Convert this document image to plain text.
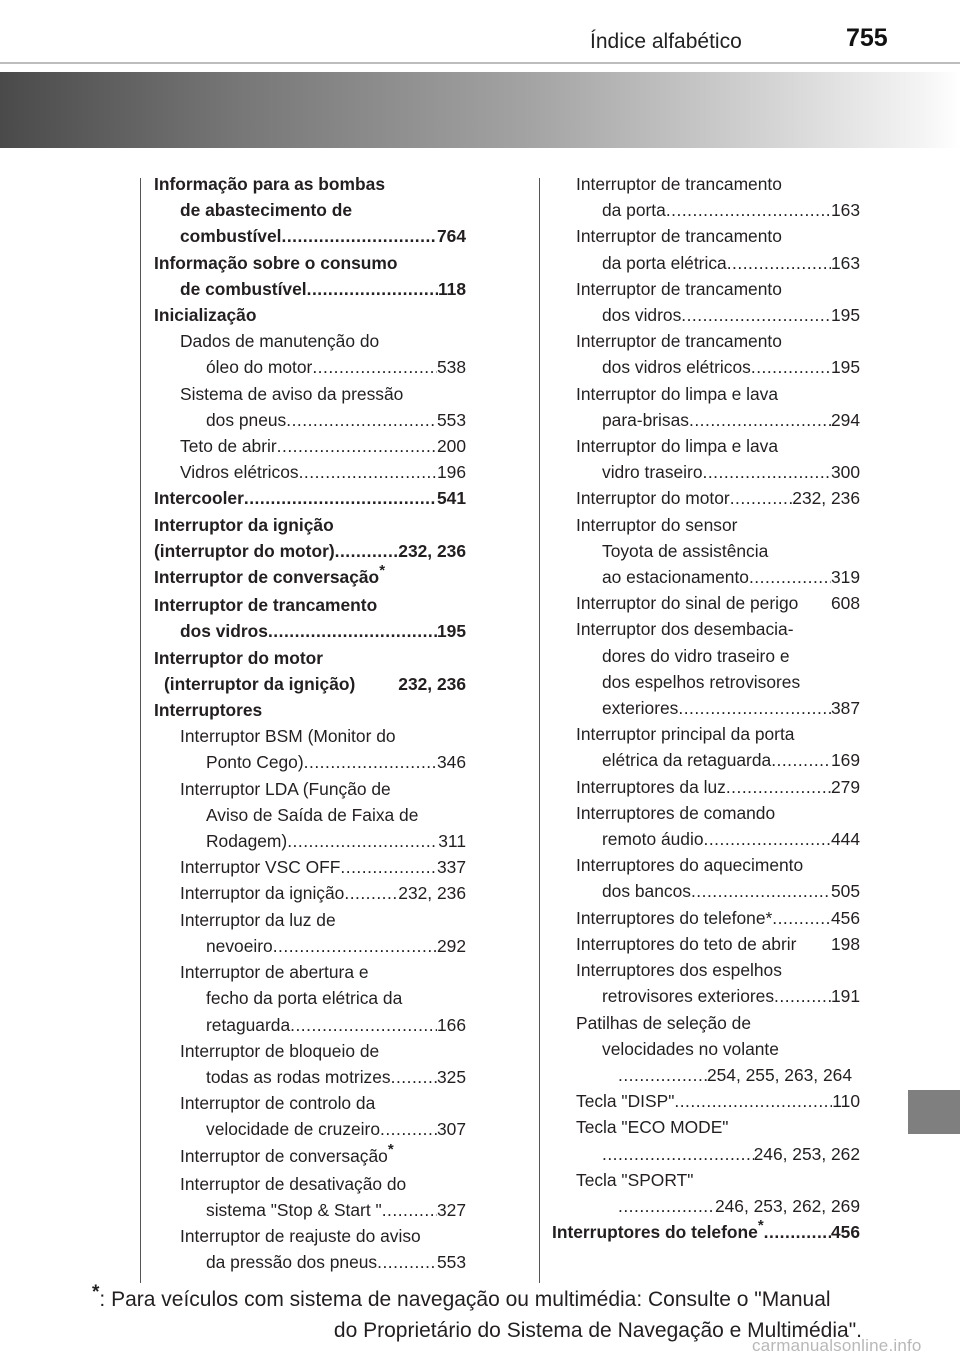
Índice alfabético	755
Informação para as bombas
de abastecimento de
combustível .....	764
Informação sobre o consumo
de combustível .....	118
Inicialização
Dados de manutenção do
óleo do motor .....	538
Sistema de aviso da pressão
dos pneus .....	553
Teto de abrir .....	200
Vidros elétricos .....	196
Intercooler .....	541
Interruptor da ignição
(interruptor do motor) .....	232, 236
Interruptor de conversação*
Interruptor de trancamento
dos vidros .....	195
Interruptor do motor
(interruptor da ignição) 232, 236
Interruptores
Interruptor BSM (Monitor do
Ponto Cego) .....	346
Interruptor LDA (Função de
Aviso de Saída de Faixa de
Rodagem) .....	311
Interruptor VSC OFF .....	337
Interruptor da ignição .....	232, 236
Interruptor da luz de
nevoeiro .....	292
Interruptor de abertura e
fecho da porta elétrica da
retaguarda .....	166
Interruptor de bloqueio de
todas as rodas motrizes .....	325
Interruptor de controlo da
velocidade de cruzeiro .....	307
Interruptor de conversação*
Interruptor de desativação do
sistema "Stop & Start " .....	327
Interruptor de reajuste do aviso
da pressão dos pneus .....	553
Interruptor de trancamento
da porta .....	163
Interruptor de trancamento
da porta elétrica .....	163
Interruptor de trancamento
dos vidros .....	195
Interruptor de trancamento
dos vidros elétricos .....	195
Interruptor do limpa e lava
para-brisas .....	294
Interruptor do limpa e lava
vidro traseiro .....	300
Interruptor do motor .....	232, 236
Interruptor do sensor
Toyota de assistência
ao estacionamento .....	319
Interruptor do sinal de perigo 608
Interruptor dos desembacia-
dores do vidro traseiro e
dos espelhos retrovisores
exteriores .....	387
Interruptor principal da porta
elétrica da retaguarda .....	169
Interruptores da luz .....	279
Interruptores de comando
remoto áudio .....	444
Interruptores do aquecimento
dos bancos .....	505
Interruptores do telefone* .....	456
Interruptores do teto de abrir 198
Interruptores dos espelhos
retrovisores exteriores .....	191
Patilhas de seleção de
velocidades no volante
.....
254, 255, 263, 264
Tecla "DISP" .....	110
Tecla "ECO MODE"
.....
246, 253, 262
Tecla "SPORT"
.....
246, 253, 262, 269
Interruptores do telefone* .....	456
*: Para veículos com sistema de navegação ou multimédia: Consulte o "Manual
do Proprietário do Sistema de Navegação e Multimédia".
carmanualsonline.info
